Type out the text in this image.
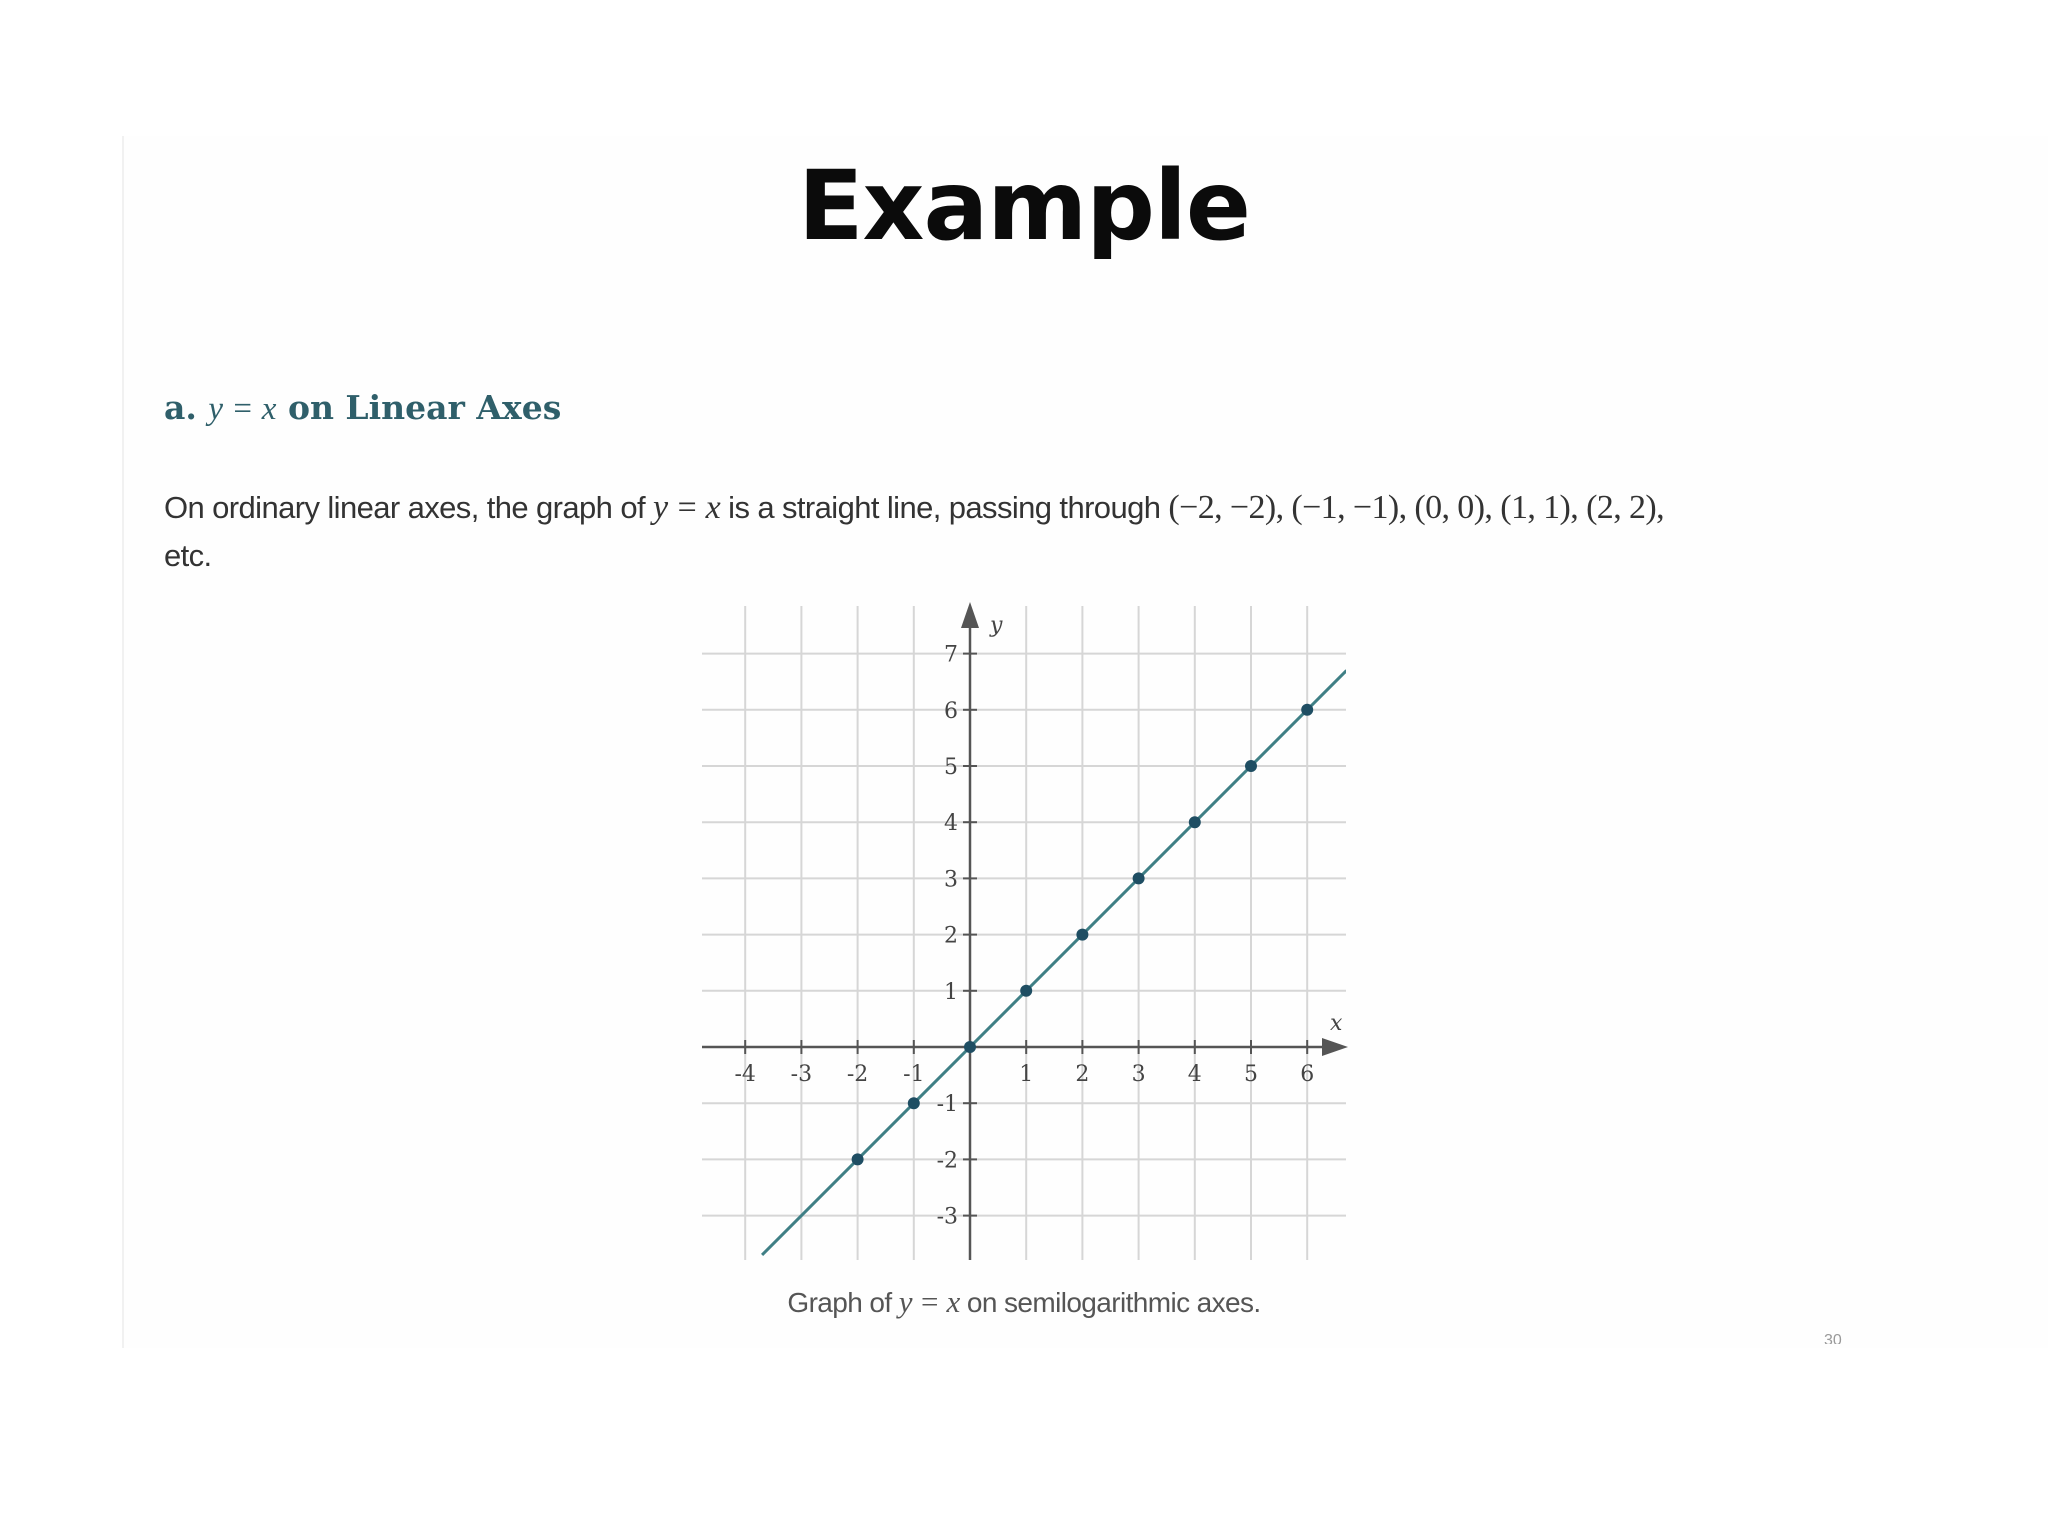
Example
a. y = x on Linear Axes
On ordinary linear axes, the graph of y = x is a straight line, passing through (−2, −2), (−1, −1), (0, 0), (1, 1), (2, 2),
etc.
-4 -3 -2 -1	1 2 3 4 5 6
7
6
5
4
3
2
1
-1
-2
-3
x
y
Graph of y = x on semilogarithmic axes.
30
